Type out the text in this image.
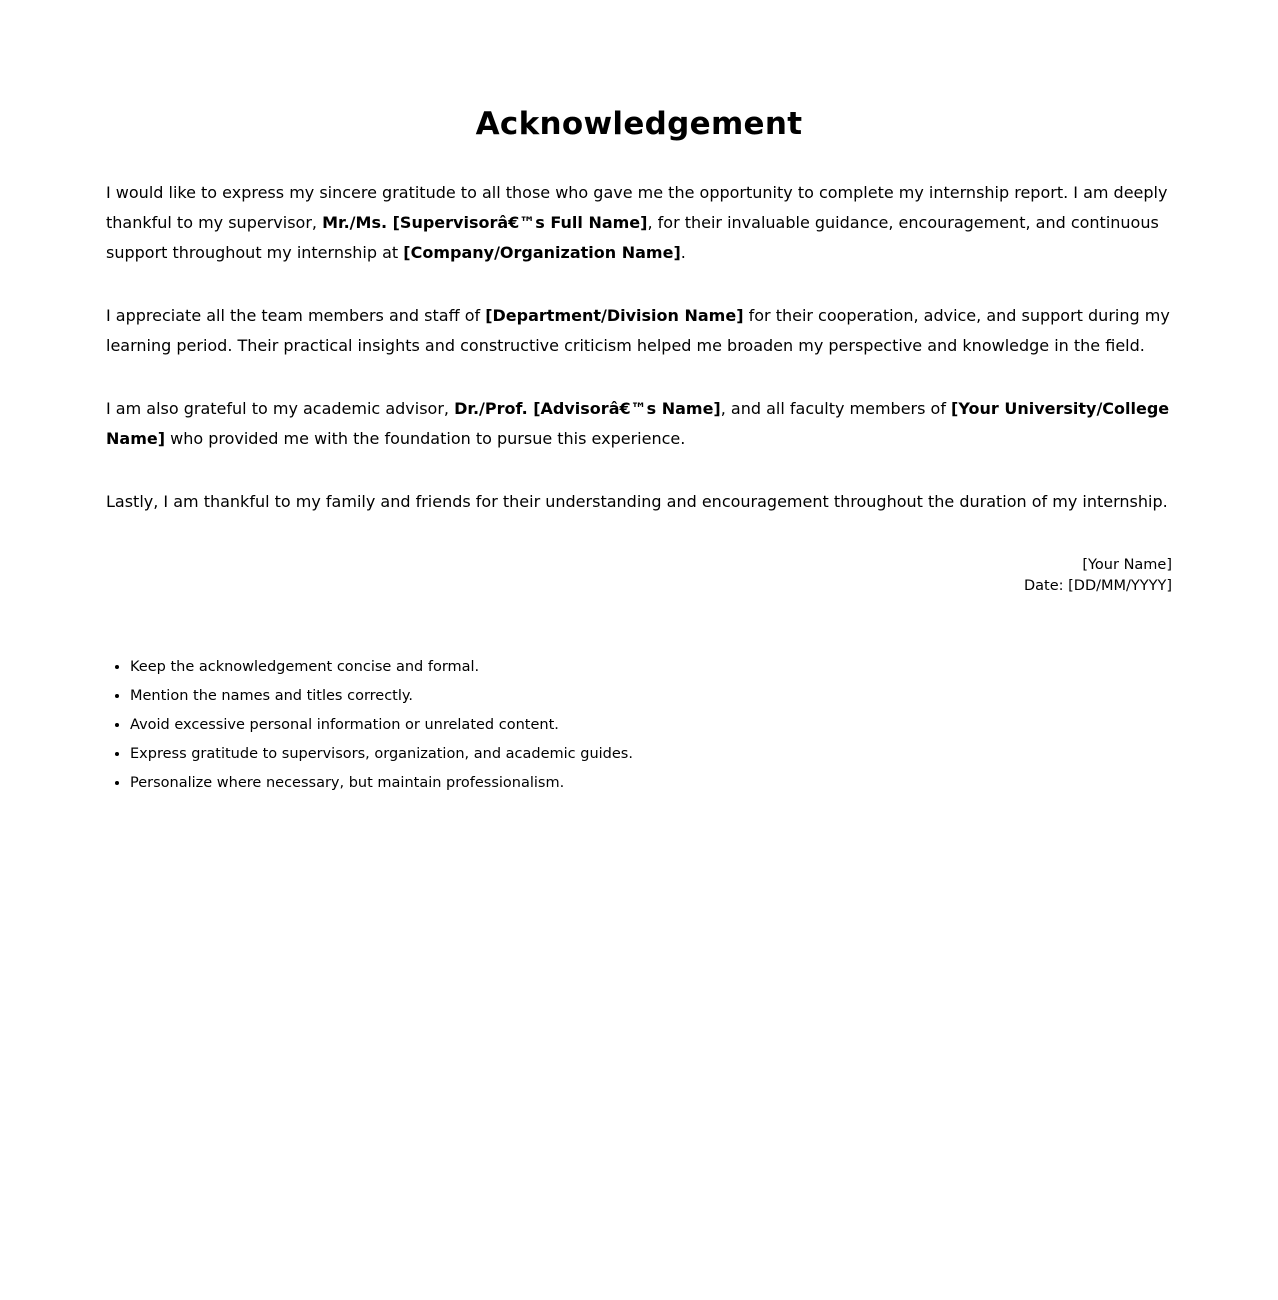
Acknowledgement

I would like to express my sincere gratitude to all those who gave me the opportunity to complete my internship report. I am deeply thankful to my supervisor, Mr./Ms. [Supervisorâ€™s Full Name], for their invaluable guidance, encouragement, and continuous support throughout my internship at [Company/Organization Name].

I appreciate all the team members and staff of [Department/Division Name] for their cooperation, advice, and support during my learning period. Their practical insights and constructive criticism helped me broaden my perspective and knowledge in the field.

I am also grateful to my academic advisor, Dr./Prof. [Advisorâ€™s Name], and all faculty members of [Your University/College Name] who provided me with the foundation to pursue this experience.

Lastly, I am thankful to my family and friends for their understanding and encouragement throughout the duration of my internship.

[Your Name]
Date: [DD/MM/YYYY]
• Keep the acknowledgement concise and formal.
• Mention the names and titles correctly.
• Avoid excessive personal information or unrelated content.
• Express gratitude to supervisors, organization, and academic guides.
• Personalize where necessary, but maintain professionalism.
